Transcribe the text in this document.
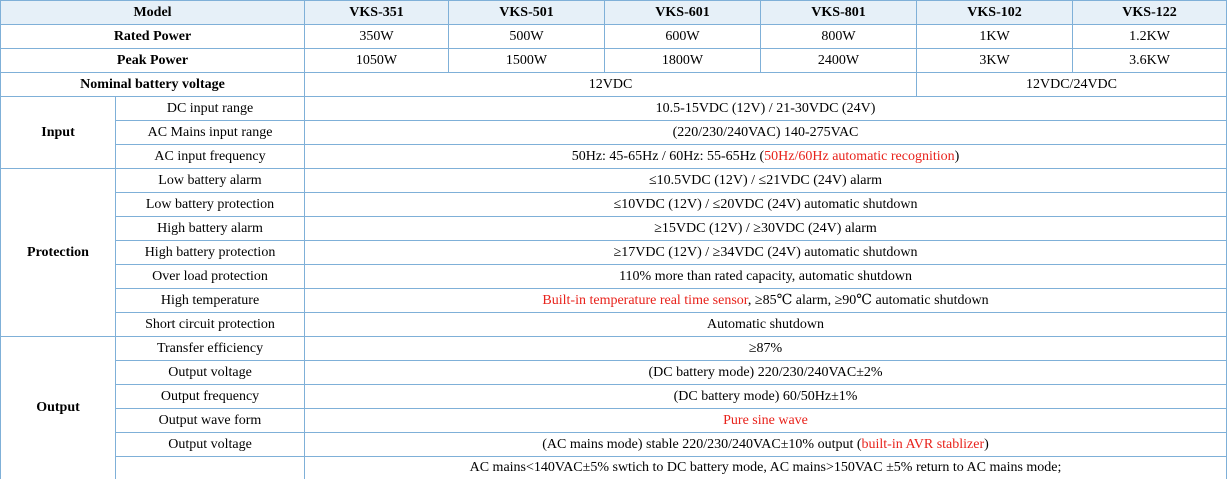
Model		VKS-351	VKS-501	VKS-601	VKS-801	VKS-102	VKS-122
Rated Power		350W	500W	600W	800W	1KW	1.2KW
Peak Power		1050W	1500W	1800W	2400W	3KW	3.6KW
Nominal battery voltage		12VDC				12VDC/24VDC	
Input	DC input range	10.5-15VDC (12V) / 21-30VDC (24V)					
	AC Mains input range	(220/230/240VAC) 140-275VAC					
	AC input frequency	50Hz: 45-65Hz / 60Hz: 55-65Hz (50Hz/60Hz automatic recognition)					
Protection	Low battery alarm	≤10.5VDC (12V) / ≤21VDC (24V) alarm					
	Low battery protection	≤10VDC (12V) / ≤20VDC (24V) automatic shutdown					
	High battery alarm	≥15VDC (12V) / ≥30VDC (24V) alarm					
	High battery protection	≥17VDC (12V) / ≥34VDC (24V) automatic shutdown					
	Over load protection	110% more than rated capacity, automatic shutdown					
	High temperature	Built-in temperature real time sensor, ≥85℃ alarm, ≥90℃ automatic shutdown					
	Short circuit protection	Automatic shutdown					
Output	Transfer efficiency	≥87%					
	Output voltage	(DC battery mode) 220/230/240VAC±2%					
	Output frequency	(DC battery mode) 60/50Hz±1%					
	Output wave form	Pure sine wave					
	Output voltage	(AC mains mode) stable 220/230/240VAC±10% output (built-in AVR stablizer)					
		AC mains<140VAC±5% swtich to DC battery mode, AC mains>150VAC ±5% return to AC mains mode;					
